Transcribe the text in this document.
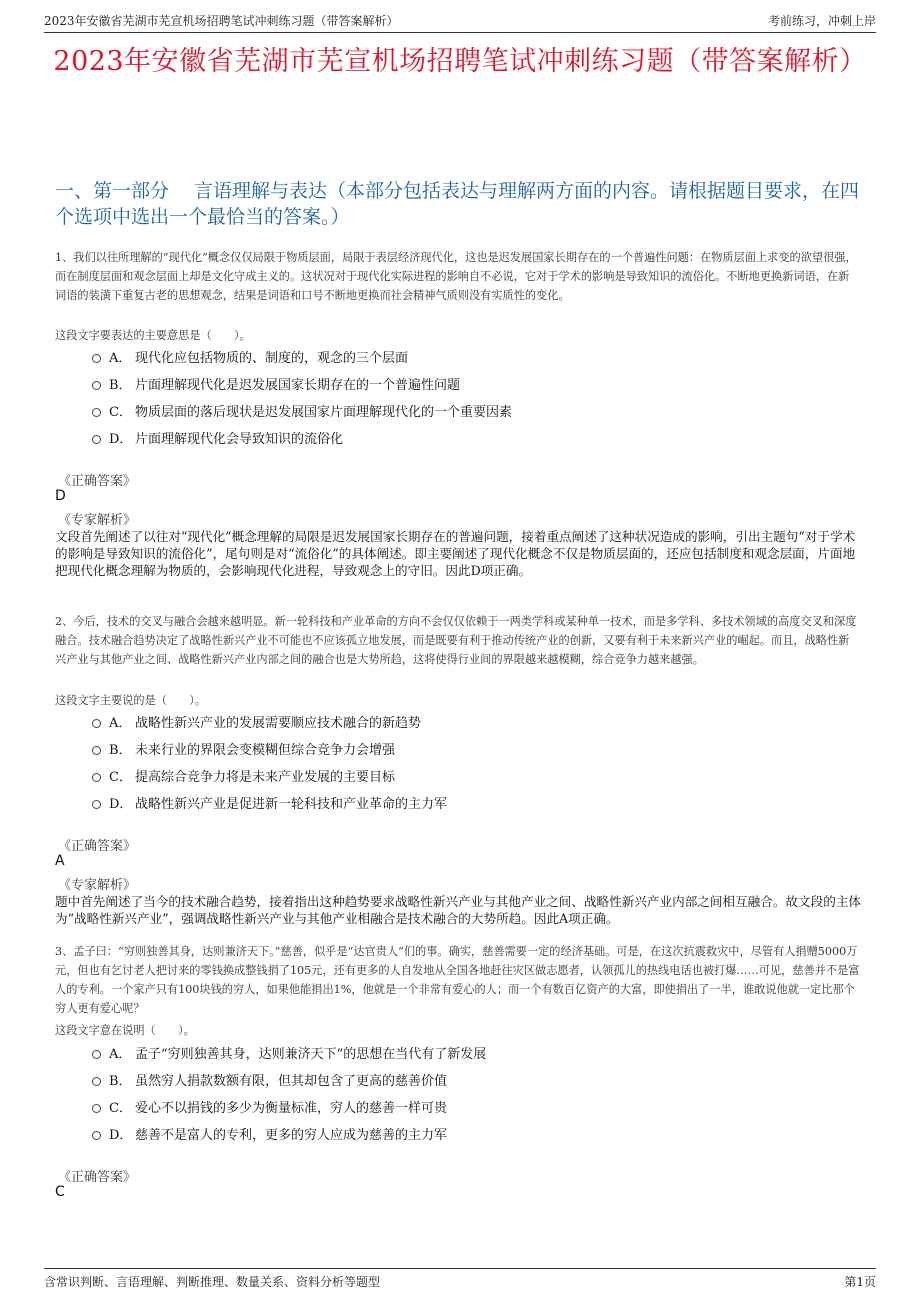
2023年安徽省芜湖市芜宣机场招聘笔试冲刺练习题（带答案解析）	考前练习，冲刺上岸
2023年安徽省芜湖市芜宣机场招聘笔试冲刺练习题（带答案解析）
一、第一部分　 言语理解与表达（本部分包括表达与理解两方面的内容。请根据题目要求，在四个选项中选出一个最恰当的答案。）
1、我们以往所理解的“现代化”概念仅仅局限于物质层面，局限于表层经济现代化，这也是迟发展国家长期存在的一个普遍性问题：在物质层面上求变的欲望很强，而在制度层面和观念层面上却是文化守成主义的。这状况对于现代化实际进程的影响自不必说，它对于学术的影响是导致知识的流俗化。不断地更换新词语，在新词语的装潢下重复古老的思想观念，结果是词语和口号不断地更换而社会精神气质则没有实质性的变化。
这段文字要表达的主要意思是（　　）。
A． 现代化应包括物质的、制度的，观念的三个层面
B． 片面理解现代化是迟发展国家长期存在的一个普遍性问题
C． 物质层面的落后现状是迟发展国家片面理解现代化的一个重要因素
D． 片面理解现代化会导致知识的流俗化
《正确答案》
D
《专家解析》
文段首先阐述了以往对“现代化”概念理解的局限是迟发展国家长期存在的普遍问题，接着重点阐述了这种状况造成的影响，引出主题句“对于学术的影响是导致知识的流俗化”，尾句则是对“流俗化”的具体阐述。即主要阐述了现代化概念不仅是物质层面的，还应包括制度和观念层面，片面地把现代化概念理解为物质的，会影响现代化进程，导致观念上的守旧。因此D项正确。
2、今后，技术的交叉与融合会越来越明显。新一轮科技和产业革命的方向不会仅仅依赖于一两类学科或某种单一技术，而是多学科、多技术领域的高度交叉和深度融合。技术融合趋势决定了战略性新兴产业不可能也不应该孤立地发展，而是既要有利于推动传统产业的创新，又要有利于未来新兴产业的崛起。而且，战略性新兴产业与其他产业之间、战略性新兴产业内部之间的融合也是大势所趋，这将使得行业间的界限越来越模糊，综合竞争力越来越强。
这段文字主要说的是（　　）。
A． 战略性新兴产业的发展需要顺应技术融合的新趋势
B． 未来行业的界限会变模糊但综合竞争力会增强
C． 提高综合竞争力将是未来产业发展的主要目标
D． 战略性新兴产业是促进新一轮科技和产业革命的主力军
《正确答案》
A
《专家解析》
题中首先阐述了当今的技术融合趋势，接着指出这种趋势要求战略性新兴产业与其他产业之间、战略性新兴产业内部之间相互融合。故文段的主体为“战略性新兴产业”，强调战略性新兴产业与其他产业相融合是技术融合的大势所趋。因此A项正确。
3、孟子曰：“穷则独善其身，达则兼济天下。”慈善，似乎是“达官贵人”们的事。确实，慈善需要一定的经济基础。可是，在这次抗震救灾中，尽管有人捐赠5000万元，但也有乞讨老人把讨来的零钱换成整钱捐了105元，还有更多的人自发地从全国各地赶往灾区做志愿者，认领孤儿的热线电话也被打爆……可见，慈善并不是富人的专利。一个家产只有100块钱的穷人，如果他能捐出1%，他就是一个非常有爱心的人；而一个有数百亿资产的大富，即使捐出了一半，谁敢说他就一定比那个穷人更有爱心呢？
这段文字意在说明（　　）。
A． 孟子“穷则独善其身，达则兼济天下”的思想在当代有了新发展
B． 虽然穷人捐款数额有限，但其却包含了更高的慈善价值
C． 爱心不以捐钱的多少为衡量标准，穷人的慈善一样可贵
D． 慈善不是富人的专利，更多的穷人应成为慈善的主力军
《正确答案》
C
含常识判断、言语理解、判断推理、数量关系、资料分析等题型	第1页
